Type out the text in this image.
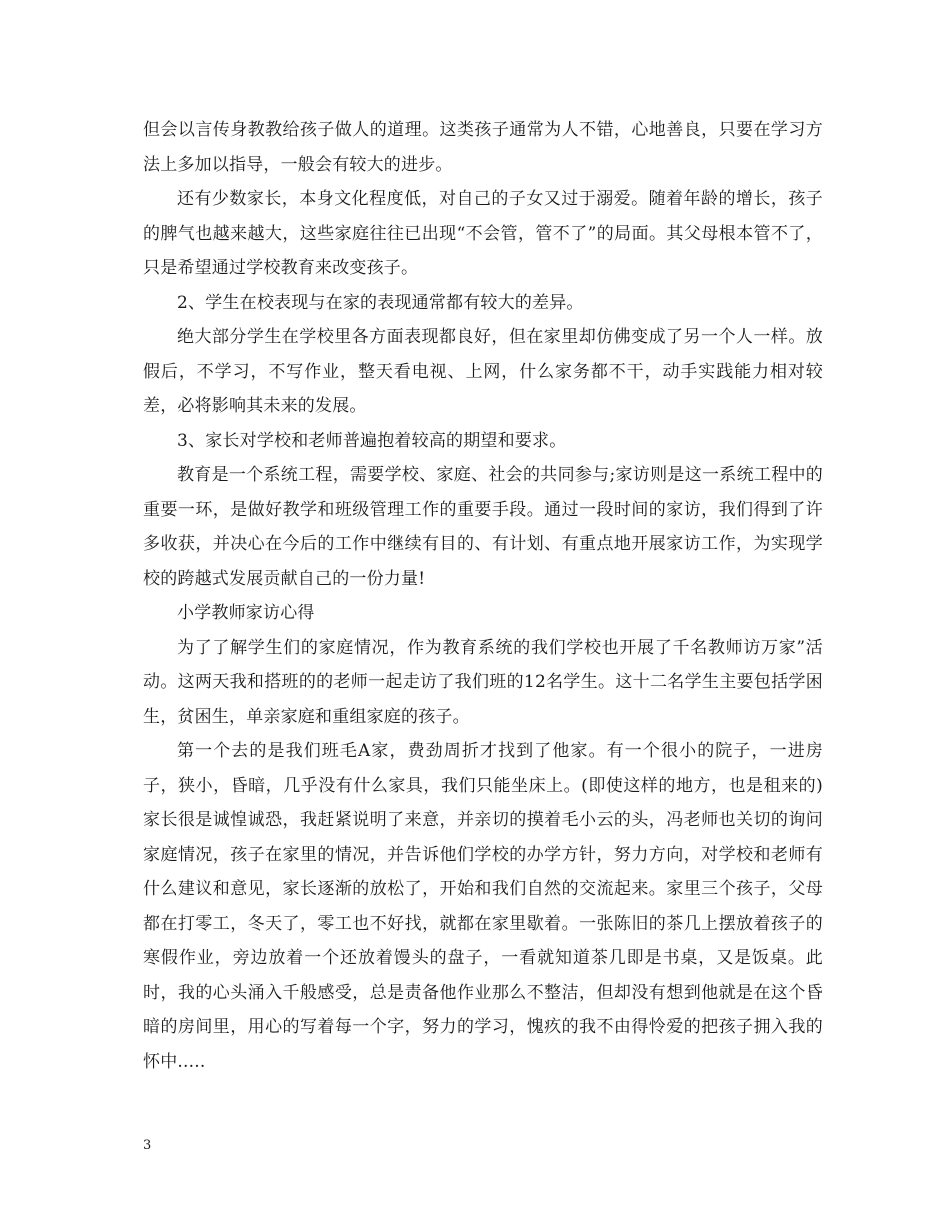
但会以言传身教教给孩子做人的道理。这类孩子通常为人不错，心地善良，只要在学习方法上多加以指导，一般会有较大的进步。

还有少数家长，本身文化程度低，对自己的子女又过于溺爱。随着年龄的增长，孩子的脾气也越来越大，这些家庭往往已出现“不会管，管不了”的局面。其父母根本管不了，只是希望通过学校教育来改变孩子。

2、学生在校表现与在家的表现通常都有较大的差异。

绝大部分学生在学校里各方面表现都良好，但在家里却仿佛变成了另一个人一样。放假后，不学习，不写作业，整天看电视、上网，什么家务都不干，动手实践能力相对较差，必将影响其未来的发展。

3、家长对学校和老师普遍抱着较高的期望和要求。

教育是一个系统工程，需要学校、家庭、社会的共同参与;家访则是这一系统工程中的重要一环，是做好教学和班级管理工作的重要手段。通过一段时间的家访，我们得到了许多收获，并决心在今后的工作中继续有目的、有计划、有重点地开展家访工作，为实现学校的跨越式发展贡献自己的一份力量!

小学教师家访心得

为了了解学生们的家庭情况，作为教育系统的我们学校也开展了千名教师访万家”活动。这两天我和搭班的的老师一起走访了我们班的12名学生。这十二名学生主要包括学困生，贫困生，单亲家庭和重组家庭的孩子。

第一个去的是我们班毛A家，费劲周折才找到了他家。有一个很小的院子，一进房子，狭小，昏暗，几乎没有什么家具，我们只能坐床上。(即使这样的地方，也是租来的)家长很是诚惶诚恐，我赶紧说明了来意，并亲切的摸着毛小云的头，冯老师也关切的询问家庭情况，孩子在家里的情况，并告诉他们学校的办学方针，努力方向，对学校和老师有什么建议和意见，家长逐渐的放松了，开始和我们自然的交流起来。家里三个孩子，父母都在打零工，冬天了，零工也不好找，就都在家里歇着。一张陈旧的茶几上摆放着孩子的寒假作业，旁边放着一个还放着馒头的盘子，一看就知道茶几即是书桌，又是饭桌。此时，我的心头涌入千般感受，总是责备他作业那么不整洁，但却没有想到他就是在这个昏暗的房间里，用心的写着每一个字，努力的学习，愧疚的我不由得怜爱的把孩子拥入我的怀中.....

3
